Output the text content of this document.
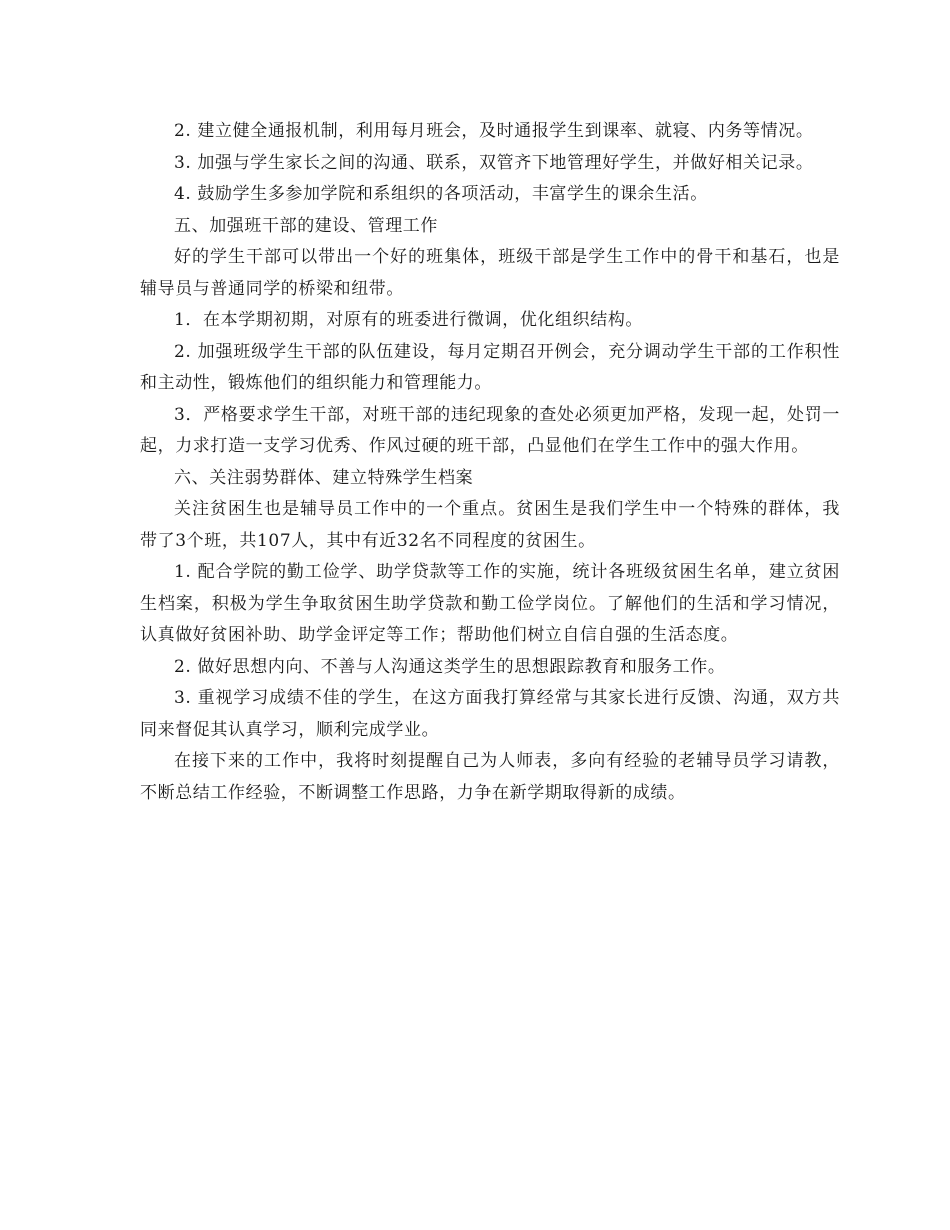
2. 建立健全通报机制，利用每月班会，及时通报学生到课率、就寝、内务等情况。

3. 加强与学生家长之间的沟通、联系，双管齐下地管理好学生，并做好相关记录。

4. 鼓励学生多参加学院和系组织的各项活动，丰富学生的课余生活。

五、加强班干部的建设、管理工作

好的学生干部可以带出一个好的班集体，班级干部是学生工作中的骨干和基石，也是辅导员与普通同学的桥梁和纽带。

1．在本学期初期，对原有的班委进行微调，优化组织结构。

2. 加强班级学生干部的队伍建设，每月定期召开例会，充分调动学生干部的工作积性和主动性，锻炼他们的组织能力和管理能力。

3．严格要求学生干部，对班干部的违纪现象的查处必须更加严格，发现一起，处罚一起，力求打造一支学习优秀、作风过硬的班干部，凸显他们在学生工作中的强大作用。

六、关注弱势群体、建立特殊学生档案

关注贫困生也是辅导员工作中的一个重点。贫困生是我们学生中一个特殊的群体，我带了3个班，共107人，其中有近32名不同程度的贫困生。

1. 配合学院的勤工俭学、助学贷款等工作的实施，统计各班级贫困生名单，建立贫困生档案，积极为学生争取贫困生助学贷款和勤工俭学岗位。了解他们的生活和学习情况，认真做好贫困补助、助学金评定等工作；帮助他们树立自信自强的生活态度。

2. 做好思想内向、不善与人沟通这类学生的思想跟踪教育和服务工作。

3. 重视学习成绩不佳的学生，在这方面我打算经常与其家长进行反馈、沟通，双方共同来督促其认真学习，顺利完成学业。

在接下来的工作中，我将时刻提醒自己为人师表，多向有经验的老辅导员学习请教，不断总结工作经验，不断调整工作思路，力争在新学期取得新的成绩。
